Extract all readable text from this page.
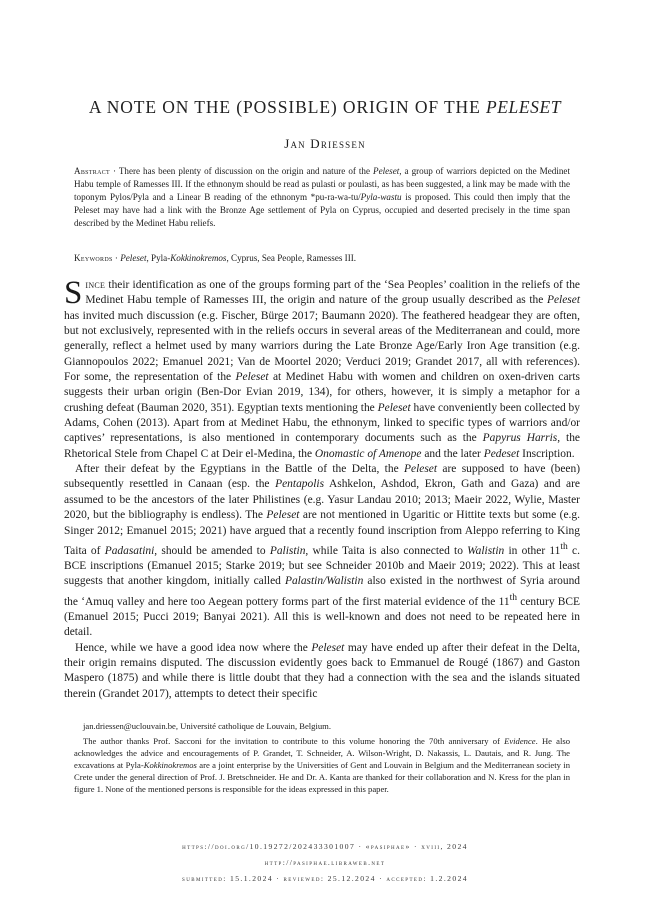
A NOTE ON THE (POSSIBLE) ORIGIN OF THE PELESET
Jan Driessen
Abstract · There has been plenty of discussion on the origin and nature of the Peleset, a group of warriors depicted on the Medinet Habu temple of Ramesses III. If the ethnonym should be read as pulasti or poulasti, as has been suggested, a link may be made with the toponym Pylos/Pyla and a Linear B reading of the ethnonym *pu-ra-wa-tu/Pyla-wastu is proposed. This could then imply that the Peleset may have had a link with the Bronze Age settlement of Pyla on Cyprus, occupied and deserted precisely in the time span described by the Medinet Habu reliefs.
Keywords · Peleset, Pyla-Kokkinokremos, Cyprus, Sea People, Ramesses III.

Since their identification as one of the groups forming part of the ‘Sea Peoples’ coalition in the reliefs of the Medinet Habu temple of Ramesses III, the origin and nature of the group usually described as the Peleset has invited much discussion (e.g. Fischer, Bürge 2017; Baumann 2020). The feathered headgear they are often, but not exclusively, represented with in the reliefs occurs in several areas of the Mediterranean and could, more generally, reflect a helmet used by many warriors during the Late Bronze Age/Early Iron Age transition (e.g. Giannopoulos 2022; Emanuel 2021; Van de Moortel 2020; Verduci 2019; Grandet 2017, all with references). For some, the representation of the Peleset at Medinet Habu with women and children on oxen-driven carts suggests their urban origin (Ben-Dor Evian 2019, 134), for others, however, it is simply a metaphor for a crushing defeat (Bauman 2020, 351). Egyptian texts mentioning the Peleset have conveniently been collected by Adams, Cohen (2013). Apart from at Medinet Habu, the ethnonym, linked to specific types of warriors and/or captives’ representations, is also mentioned in contemporary documents such as the Papyrus Harris, the Rhetorical Stele from Chapel C at Deir el-Medina, the Onomastic of Amenope and the later Pedeset Inscription.

After their defeat by the Egyptians in the Battle of the Delta, the Peleset are supposed to have (been) subsequently resettled in Canaan (esp. the Pentapolis Ashkelon, Ashdod, Ekron, Gath and Gaza) and are assumed to be the ancestors of the later Philistines (e.g. Yasur Landau 2010; 2013; Maeir 2022, Wylie, Master 2020, but the bibliography is endless). The Peleset are not mentioned in Ugaritic or Hittite texts but some (e.g. Singer 2012; Emanuel 2015; 2021) have argued that a recently found inscription from Aleppo referring to King Taita of Padasatini, should be amended to Palistin, while Taita is also connected to Walistin in other 11th c. BCE inscriptions (Emanuel 2015; Starke 2019; but see Schneider 2010b and Maeir 2019; 2022). This at least suggests that another kingdom, initially called Palastin/Walistin also existed in the northwest of Syria around the ‘Amuq valley and here too Aegean pottery forms part of the first material evidence of the 11th century BCE (Emanuel 2015; Pucci 2019; Banyai 2021). All this is well-known and does not need to be repeated here in detail.

Hence, while we have a good idea now where the Peleset may have ended up after their defeat in the Delta, their origin remains disputed. The discussion evidently goes back to Emmanuel de Rougé (1867) and Gaston Maspero (1875) and while there is little doubt that they had a connection with the sea and the islands situated therein (Grandet 2017), attempts to detect their specific

jan.driessen@uclouvain.be, Université catholique de Louvain, Belgium.

The author thanks Prof. Sacconi for the invitation to contribute to this volume honoring the 70th anniversary of Evidence. He also acknowledges the advice and encouragements of P. Grandet, T. Schneider, A. Wilson-Wright, D. Nakassis, L. Dautais, and R. Jung. The excavations at Pyla-Kokkinokremos are a joint enterprise by the Universities of Gent and Louvain in Belgium and the Mediterranean society in Crete under the general direction of Prof. J. Bretschneider. He and Dr. A. Kanta are thanked for their collaboration and N. Kress for the plan in figure 1. None of the mentioned persons is responsible for the ideas expressed in this paper.

https://doi.org/10.19272/202433301007 · «pasiphae» · xviii, 2024
http://pasiphae.libraweb.net
submitted: 15.1.2024 · reviewed: 25.12.2024 · accepted: 1.2.2024
